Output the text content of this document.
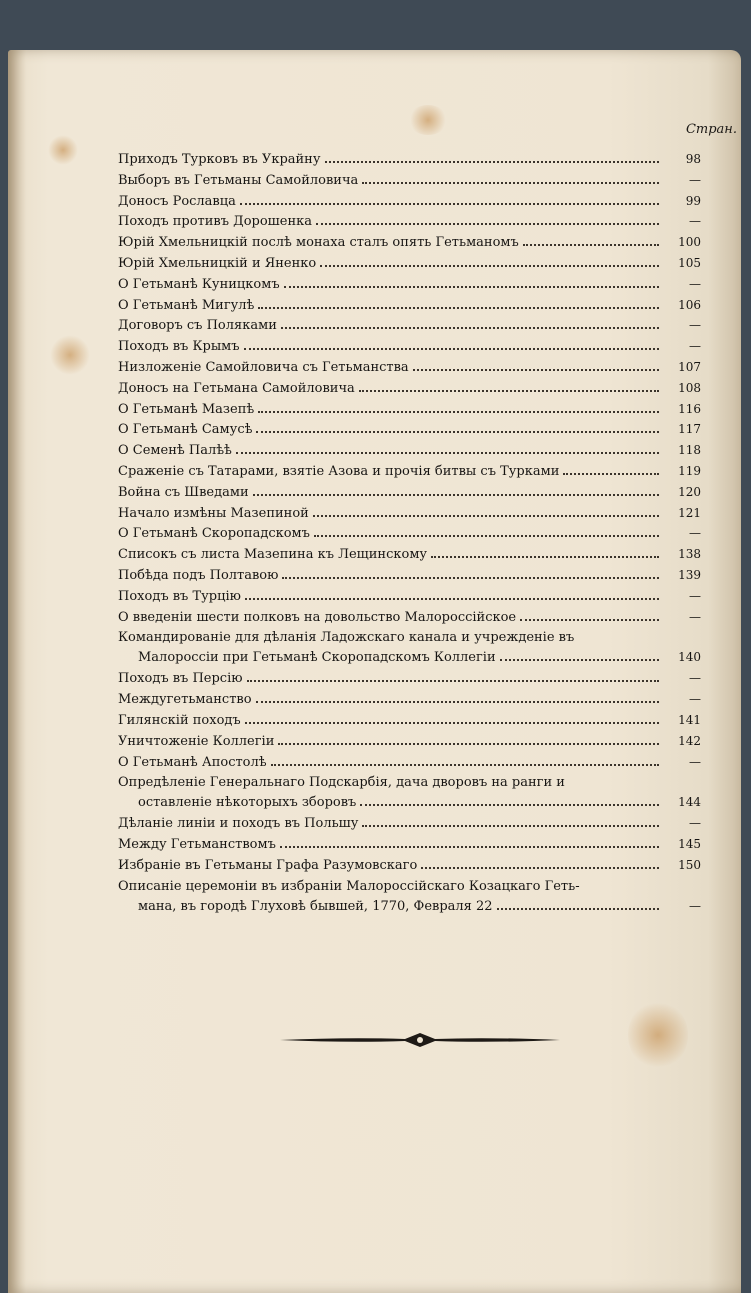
Стран.
Приходъ Турковъ въ Украйну	98
Выборъ въ Гетьманы Самойловича	—
Доносъ Рославца	99
Походъ противъ Дорошенка	—
Юрій Хмельницкій послѣ монаха сталъ опять Гетьманомъ	100
Юрій Хмельницкій и Яненко	105
О Гетьманѣ Куницкомъ	—
О Гетьманѣ Мигулѣ	106
Договоръ съ Поляками	—
Походъ въ Крымъ	—
Низложеніе Самойловича съ Гетьманства	107
Доносъ на Гетьмана Самойловича	108
О Гетьманѣ Мазепѣ	116
О Гетьманѣ Самусѣ	117
О Семенѣ Палѣѣ	118
Сраженіе съ Татарами, взятіе Азова и прочія битвы съ Турками	119
Война съ Шведами	120
Начало измѣны Мазепиной	121
О Гетьманѣ Скоропадскомъ	—
Списокъ съ листа Мазепина къ Лещинскому	138
Побѣда подъ Полтавою	139
Походъ въ Турцію	—
О введеніи шести полковъ на довольство Малороссійское	—
Командированіе для дѣланія Ладожскаго канала и учрежденіе въ
Малороссіи при Гетьманѣ Скоропадскомъ Коллегіи	140
Походъ въ Персію	—
Междугетьманство	—
Гилянскій походъ	141
Уничтоженіе Коллегіи	142
О Гетьманѣ Апостолѣ	—
Опредѣленіе Генеральнаго Подскарбія, дача дворовъ на ранги и
оставленіе нѣкоторыхъ зборовъ	144
Дѣланіе линіи и походъ въ Польшу	—
Между Гетьманствомъ	145
Избраніе въ Гетьманы Графа Разумовскаго	150
Описаніе церемоніи въ избраніи Малороссійскаго Козацкаго Геть-
мана, въ городѣ Глуховѣ бывшей, 1770, Февраля 22	—
